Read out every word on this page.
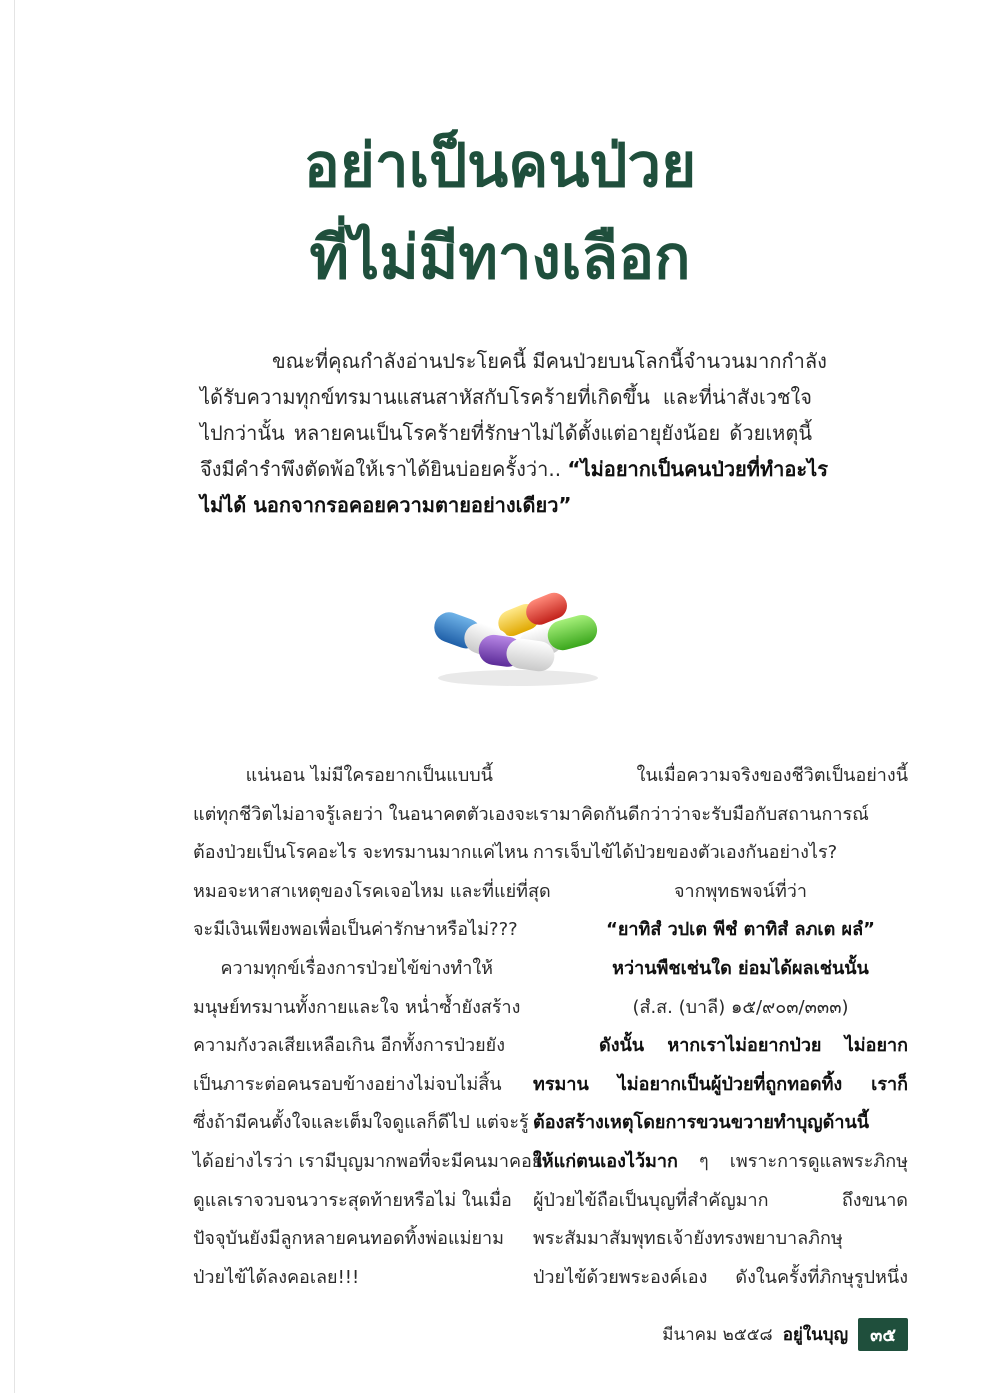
อย่าเป็นคนป่วย
ที่ไม่มีทางเลือก
ขณะที่คุณกำลังอ่านประโยคนี้ มีคนป่วยบนโลกนี้จำนวนมากกำลัง
ได้รับความทุกข์ทรมานแสนสาหัสกับโรคร้ายที่เกิดขึ้น และที่น่าสังเวชใจ
ไปกว่านั้น หลายคนเป็นโรคร้ายที่รักษาไม่ได้ตั้งแต่อายุยังน้อย ด้วยเหตุนี้
จึงมีคำรำพึงตัดพ้อให้เราได้ยินบ่อยครั้งว่า.. “ไม่อยากเป็นคนป่วยที่ทำอะไร
ไม่ได้ นอกจากรอคอยความตายอย่างเดียว”
แน่นอน ไม่มีใครอยากเป็นแบบนี้
แต่ทุกชีวิตไม่อาจรู้เลยว่า ในอนาคตตัวเองจะ
ต้องป่วยเป็นโรคอะไร จะทรมานมากแค่ไหน
หมอจะหาสาเหตุของโรคเจอไหม และที่แย่ที่สุด
จะมีเงินเพียงพอเพื่อเป็นค่ารักษาหรือไม่???
ความทุกข์เรื่องการป่วยไข้ข่างทำให้
มนุษย์ทรมานทั้งกายและใจ หน่ำซ้ำยังสร้าง
ความกังวลเสียเหลือเกิน อีกทั้งการป่วยยัง
เป็นภาระต่อคนรอบข้างอย่างไม่จบไม่สิ้น
ซึ่งถ้ามีคนตั้งใจและเต็มใจดูแลก็ดีไป แต่จะรู้
ได้อย่างไรว่า เรามีบุญมากพอที่จะมีคนมาคอย
ดูแลเราจวบจนวาระสุดท้ายหรือไม่ ในเมื่อ
ปัจจุบันยังมีลูกหลายคนทอดทิ้งพ่อแม่ยาม
ป่วยไข้ได้ลงคอเลย!!!
ในเมื่อความจริงของชีวิตเป็นอย่างนี้
เรามาคิดกันดีกว่าว่าจะรับมือกับสถานการณ์
การเจ็บไข้ได้ป่วยของตัวเองกันอย่างไร?
จากพุทธพจน์ที่ว่า
“ยาทิสํ วปเต พีชํ ตาทิสํ ลภเต ผลํ”
หว่านพืชเช่นใด ย่อมได้ผลเช่นนั้น
(สํ.ส. (บาลี) ๑๕/๙๐๓/๓๓๓)
ดังนั้น หากเราไม่อยากป่วย ไม่อยาก
ทรมาน ไม่อยากเป็นผู้ป่วยที่ถูกทอดทิ้ง เราก็
ต้องสร้างเหตุโดยการขวนขวายทำบุญด้านนี้
ให้แก่ตนเองไว้มาก ๆ เพราะการดูแลพระภิกษุ
ผู้ป่วยไข้ถือเป็นบุญที่สำคัญมาก ถึงขนาด
พระสัมมาสัมพุทธเจ้ายังทรงพยาบาลภิกษุ
ป่วยไข้ด้วยพระองค์เอง ดังในครั้งที่ภิกษุรูปหนึ่ง
มีนาคม ๒๕๕๘ อยู่ในบุญ	๓๕
